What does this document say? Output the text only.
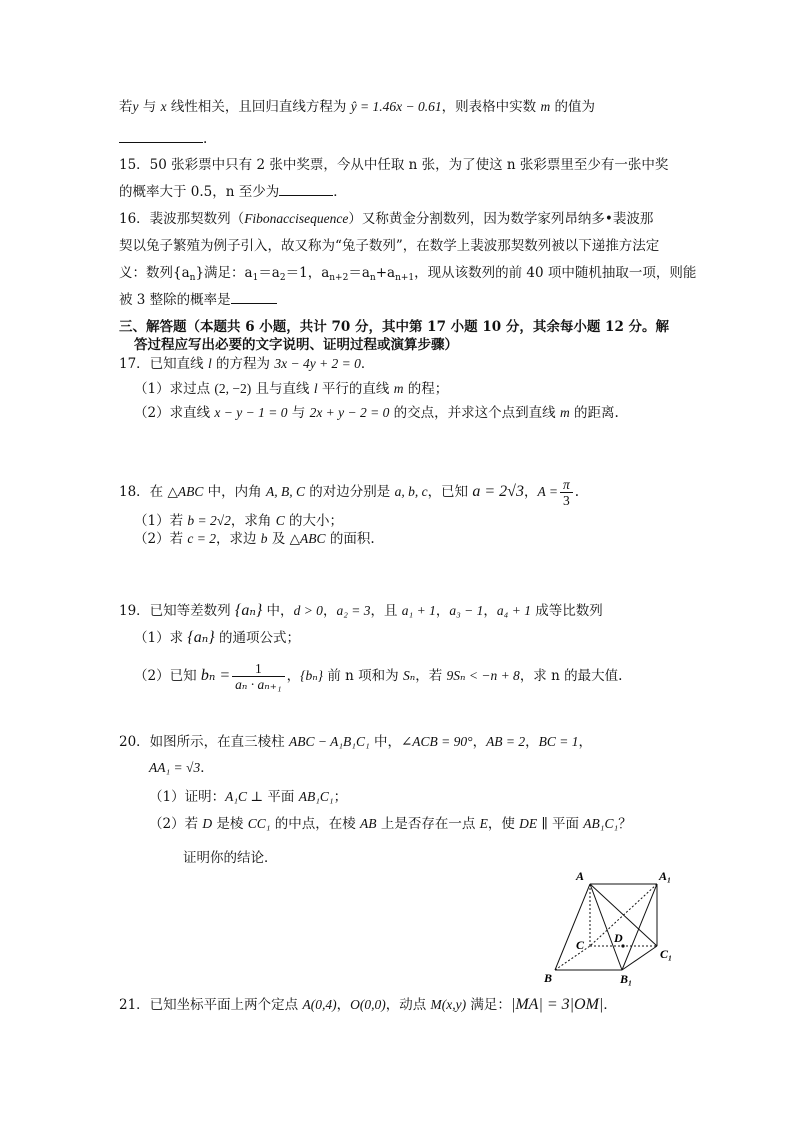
若y 与 x 线性相关，且回归直线方程为 ŷ = 1.46x − 0.61，则表格中实数 m 的值为
.
15．50 张彩票中只有 2 张中奖票，今从中任取 n 张，为了使这 n 张彩票里至少有一张中奖
的概率大于 0.5，n 至少为	．
16．裴波那契数列（Fibonaccisequence）又称黄金分割数列，因为数学家列昂纳多•裴波那
契以兔子繁殖为例子引入，故又称为“兔子数列”，在数学上裴波那契数列被以下递推方法定
义：数列$\{a_n\}$满足：$a_1=a_2=1$，$a_{n+2}=a_n+a_{n+1}$，现从该数列的前 40 项中随机抽取一项，则能
被 3 整除的概率是
三、解答题（本题共 6 小题，共计 70 分，其中第 17 小题 10 分，其余每小题 12 分。解
答过程应写出必要的文字说明、证明过程或演算步骤）
17．已知直线 l 的方程为 3x − 4y + 2 = 0．
（1）求过点 (2, −2) 且与直线 l 平行的直线 m 的程；
（2）求直线 x − y − 1 = 0 与 2x + y − 2 = 0 的交点，并求这个点到直线 m 的距离.
18．在 △ABC 中，内角 A, B, C 的对边分别是 a, b, c，已知 a = 2√3，$A = \frac{\pi}{3}$ .
（1）若 b = 2√2，求角 C 的大小；
（2）若 c = 2，求边 b 及 △ABC 的面积.
19．已知等差数列 {aₙ} 中，d > 0，a₂ = 3，且 a₁ + 1，a₃ − 1，a₄ + 1 成等比数列
（1）求 {aₙ} 的通项公式；
（2）已知 $b_n = \frac{1}{\text{aₙ · aₙ₊₁}}$ ，{bₙ} 前 n 项和为 Sₙ，若 9Sₙ < −n + 8，求 n 的最大值.
20．如图所示，在直三棱柱 ABC − A₁B₁C₁ 中，∠ACB = 90°，AB = 2，BC = 1，
AA₁ = √3．
（1）证明：A₁C ⊥ 平面 AB₁C₁；
（2）若 D 是棱 CC₁ 的中点，在棱 AB 上是否存在一点 E，使 DE ∥ 平面 AB₁C₁？
证明你的结论．
A	A₁
C D
C₁
B	B₁
21．已知坐标平面上两个定点 A(0,4)，O(0,0)，动点 M(x,y) 满足：|MA| = 3|OM|．
